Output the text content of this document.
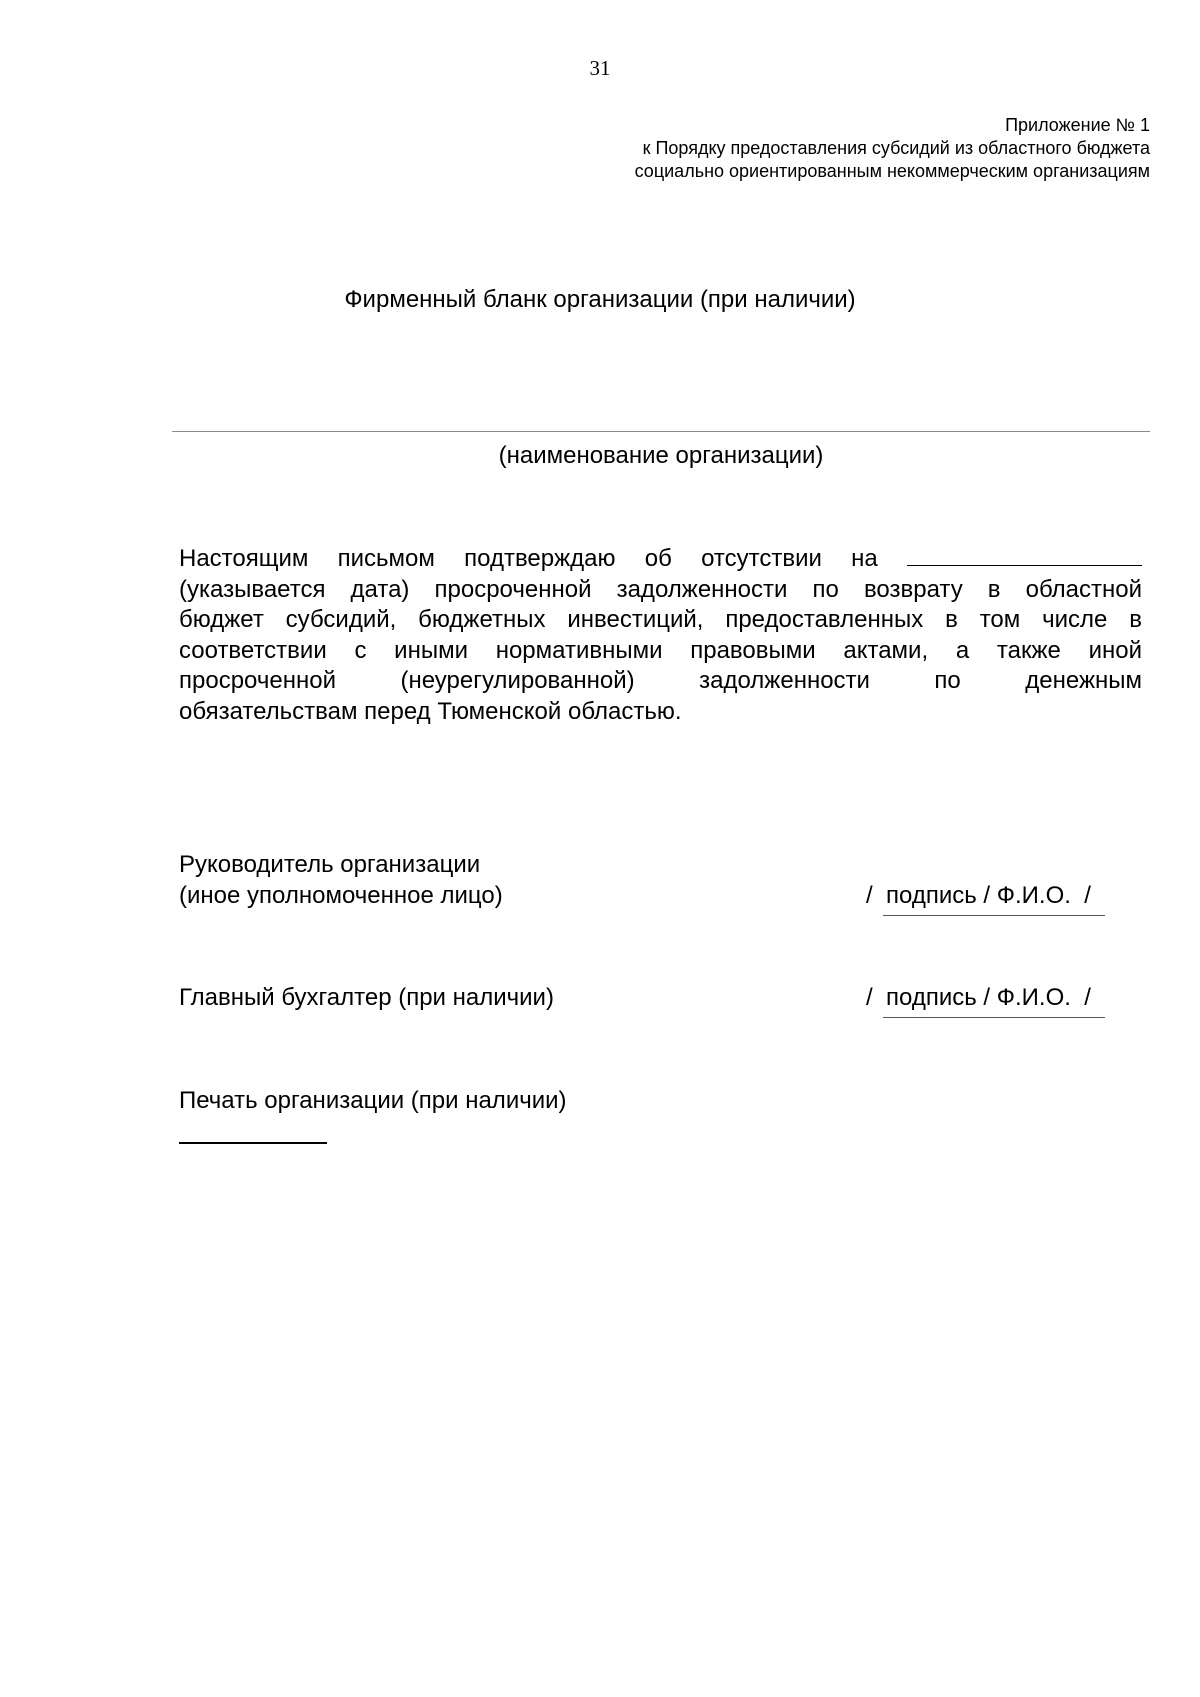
31
Приложение № 1
к Порядку предоставления субсидий из областного бюджета
социально ориентированным некоммерческим организациям
Фирменный бланк организации (при наличии)
(наименование организации)
Настоящим письмом подтверждаю об отсутствии на
(указывается дата) просроченной задолженности по возврату в областной
бюджет субсидий, бюджетных инвестиций, предоставленных в том числе в
соответствии с иными нормативными правовыми актами, а также иной
просроченной (неурегулированной) задолженности по денежным
обязательствам перед Тюменской областью.
Руководитель организации
(иное уполномоченное лицо)	/  подпись / Ф.И.О.  /
Главный бухгалтер (при наличии)	/  подпись / Ф.И.О.  /
Печать организации (при наличии)
